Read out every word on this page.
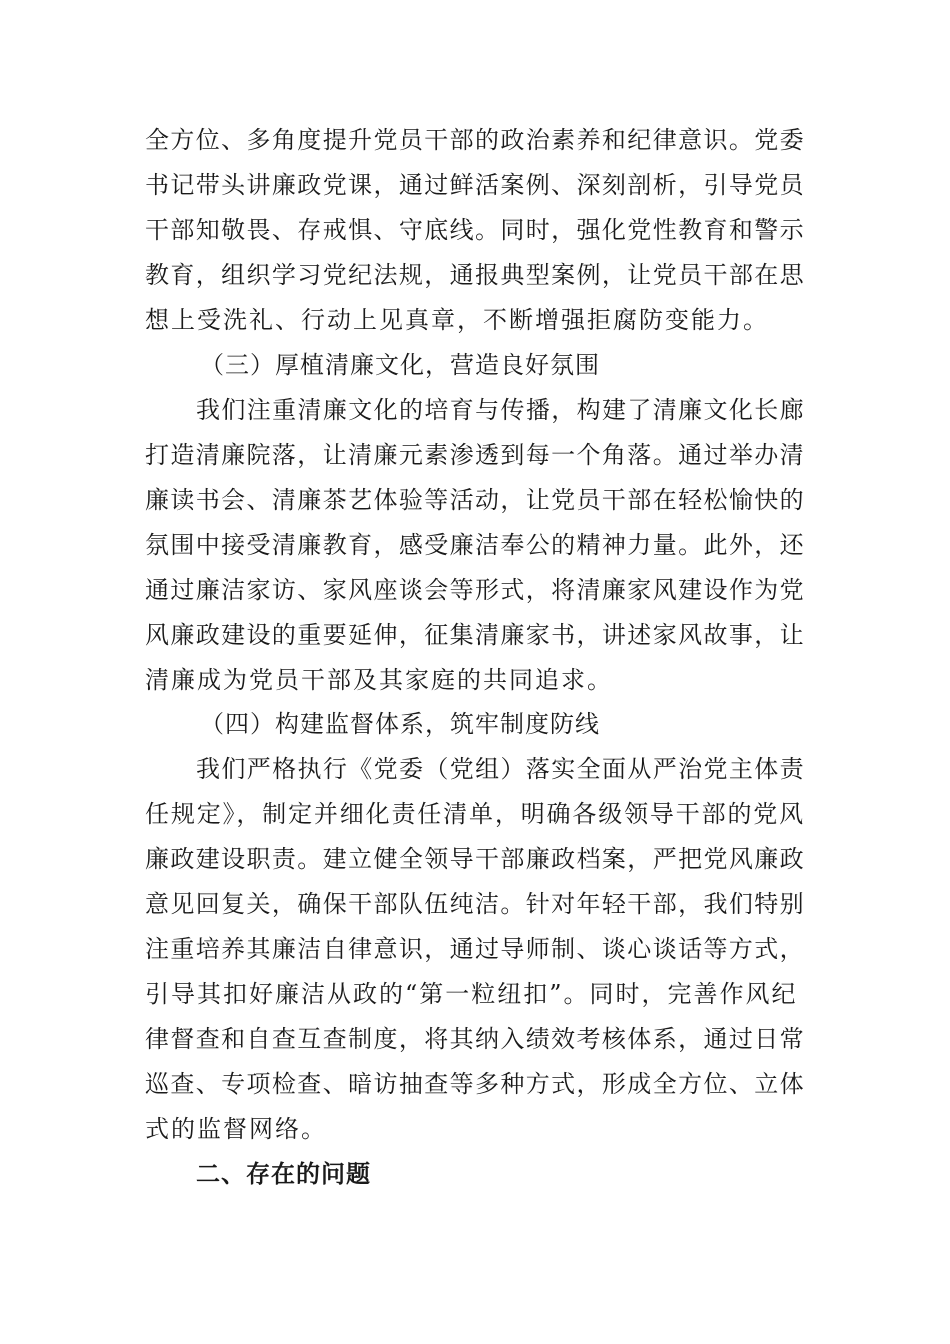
全方位、多角度提升党员干部的政治素养和纪律意识。党委
书记带头讲廉政党课，通过鲜活案例、深刻剖析，引导党员
干部知敬畏、存戒惧、守底线。同时，强化党性教育和警示
教育，组织学习党纪法规，通报典型案例，让党员干部在思
想上受洗礼、行动上见真章，不断增强拒腐防变能力。
（三）厚植清廉文化，营造良好氛围
我们注重清廉文化的培育与传播，构建了清廉文化长廊
打造清廉院落，让清廉元素渗透到每一个角落。通过举办清
廉读书会、清廉茶艺体验等活动，让党员干部在轻松愉快的
氛围中接受清廉教育，感受廉洁奉公的精神力量。此外，还
通过廉洁家访、家风座谈会等形式，将清廉家风建设作为党
风廉政建设的重要延伸，征集清廉家书，讲述家风故事，让
清廉成为党员干部及其家庭的共同追求。
（四）构建监督体系，筑牢制度防线
我们严格执行《党委（党组）落实全面从严治党主体责
任规定》，制定并细化责任清单，明确各级领导干部的党风
廉政建设职责。建立健全领导干部廉政档案，严把党风廉政
意见回复关，确保干部队伍纯洁。针对年轻干部，我们特别
注重培养其廉洁自律意识，通过导师制、谈心谈话等方式，
引导其扣好廉洁从政的“第一粒纽扣”。同时，完善作风纪
律督查和自查互查制度，将其纳入绩效考核体系，通过日常
巡查、专项检查、暗访抽查等多种方式，形成全方位、立体
式的监督网络。
二、存在的问题
